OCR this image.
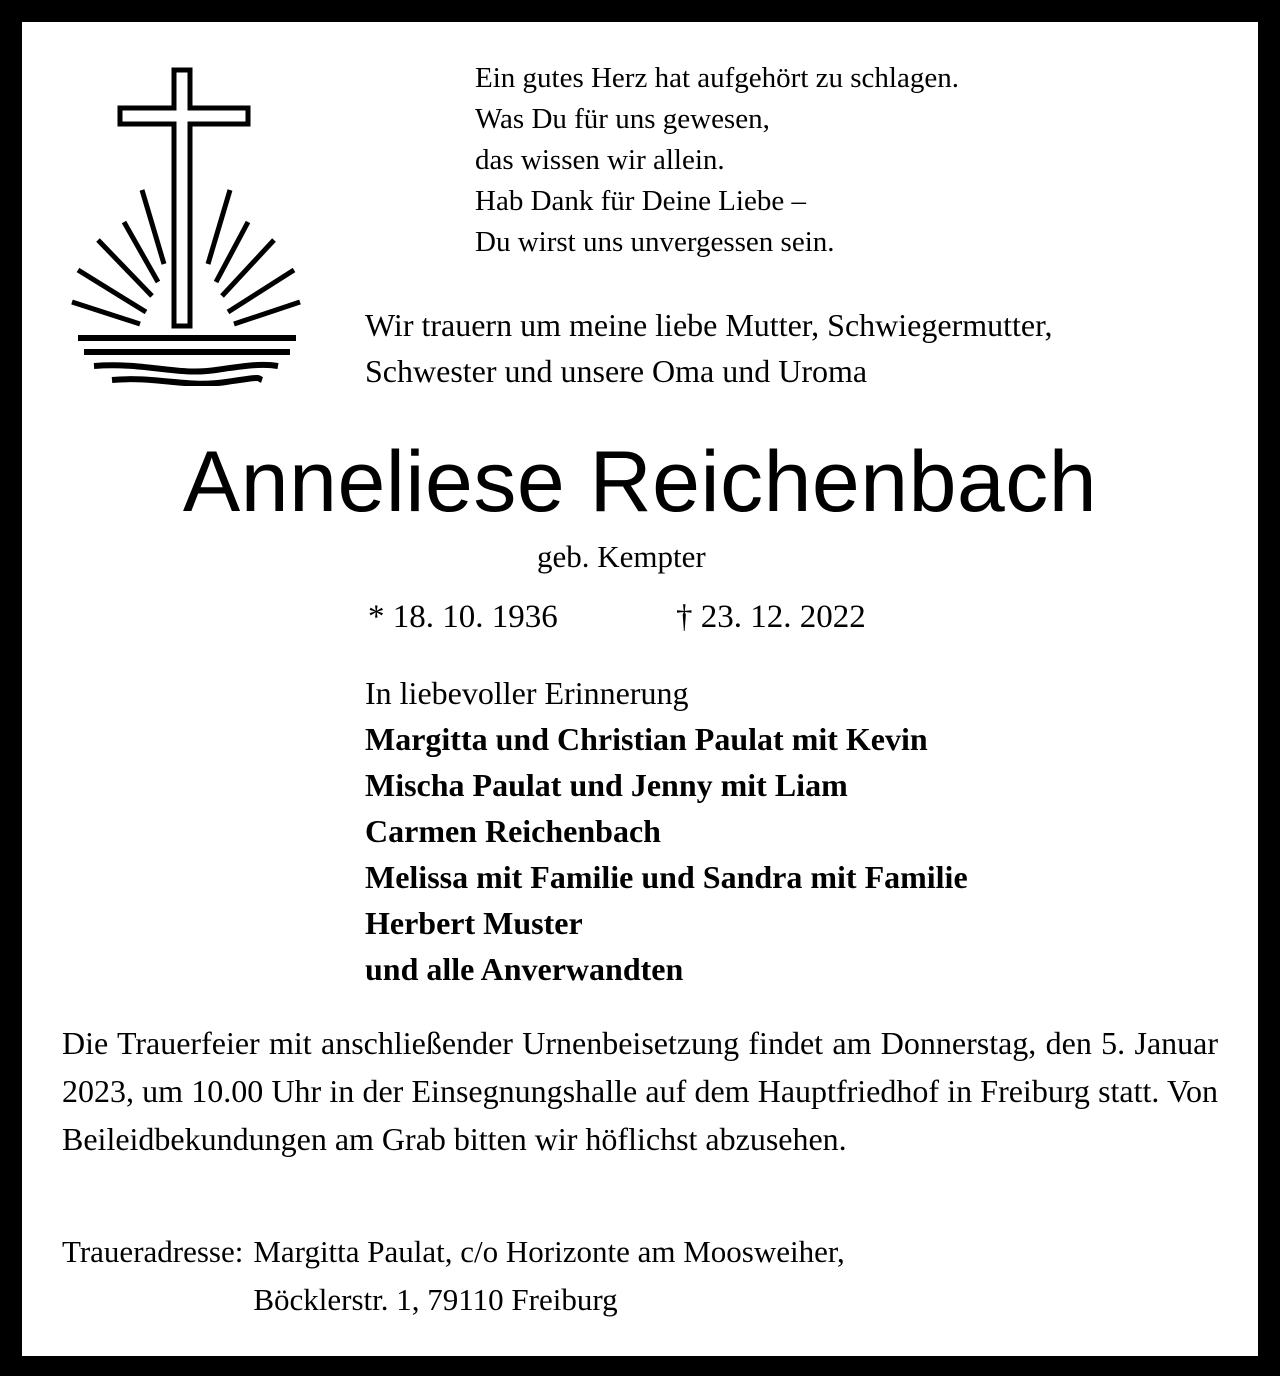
Ein gutes Herz hat aufgehört zu schlagen.
Was Du für uns gewesen,
das wissen wir allein.
Hab Dank für Deine Liebe –
Du wirst uns unvergessen sein.
Wir trauern um meine liebe Mutter, Schwiegermutter,
Schwester und unsere Oma und Uroma
Anneliese Reichenbach
geb. Kempter
* 18. 10. 1936	† 23. 12. 2022
In liebevoller Erinnerung
Margitta und Christian Paulat mit Kevin
Mischa Paulat und Jenny mit Liam
Carmen Reichenbach
Melissa mit Familie und Sandra mit Familie
Herbert Muster
und alle Anverwandten

Die Trauerfeier mit anschließender Urnenbeisetzung findet am Donnerstag, den 5. Januar 2023, um 10.00 Uhr in der Einsegnungshalle auf dem Hauptfriedhof in Freiburg statt. Von Beileidbekundungen am Grab bitten wir höflichst abzusehen.

Traueradresse: Margitta Paulat, c/o Horizonte am Moosweiher,
Böcklerstr. 1, 79110 Freiburg
